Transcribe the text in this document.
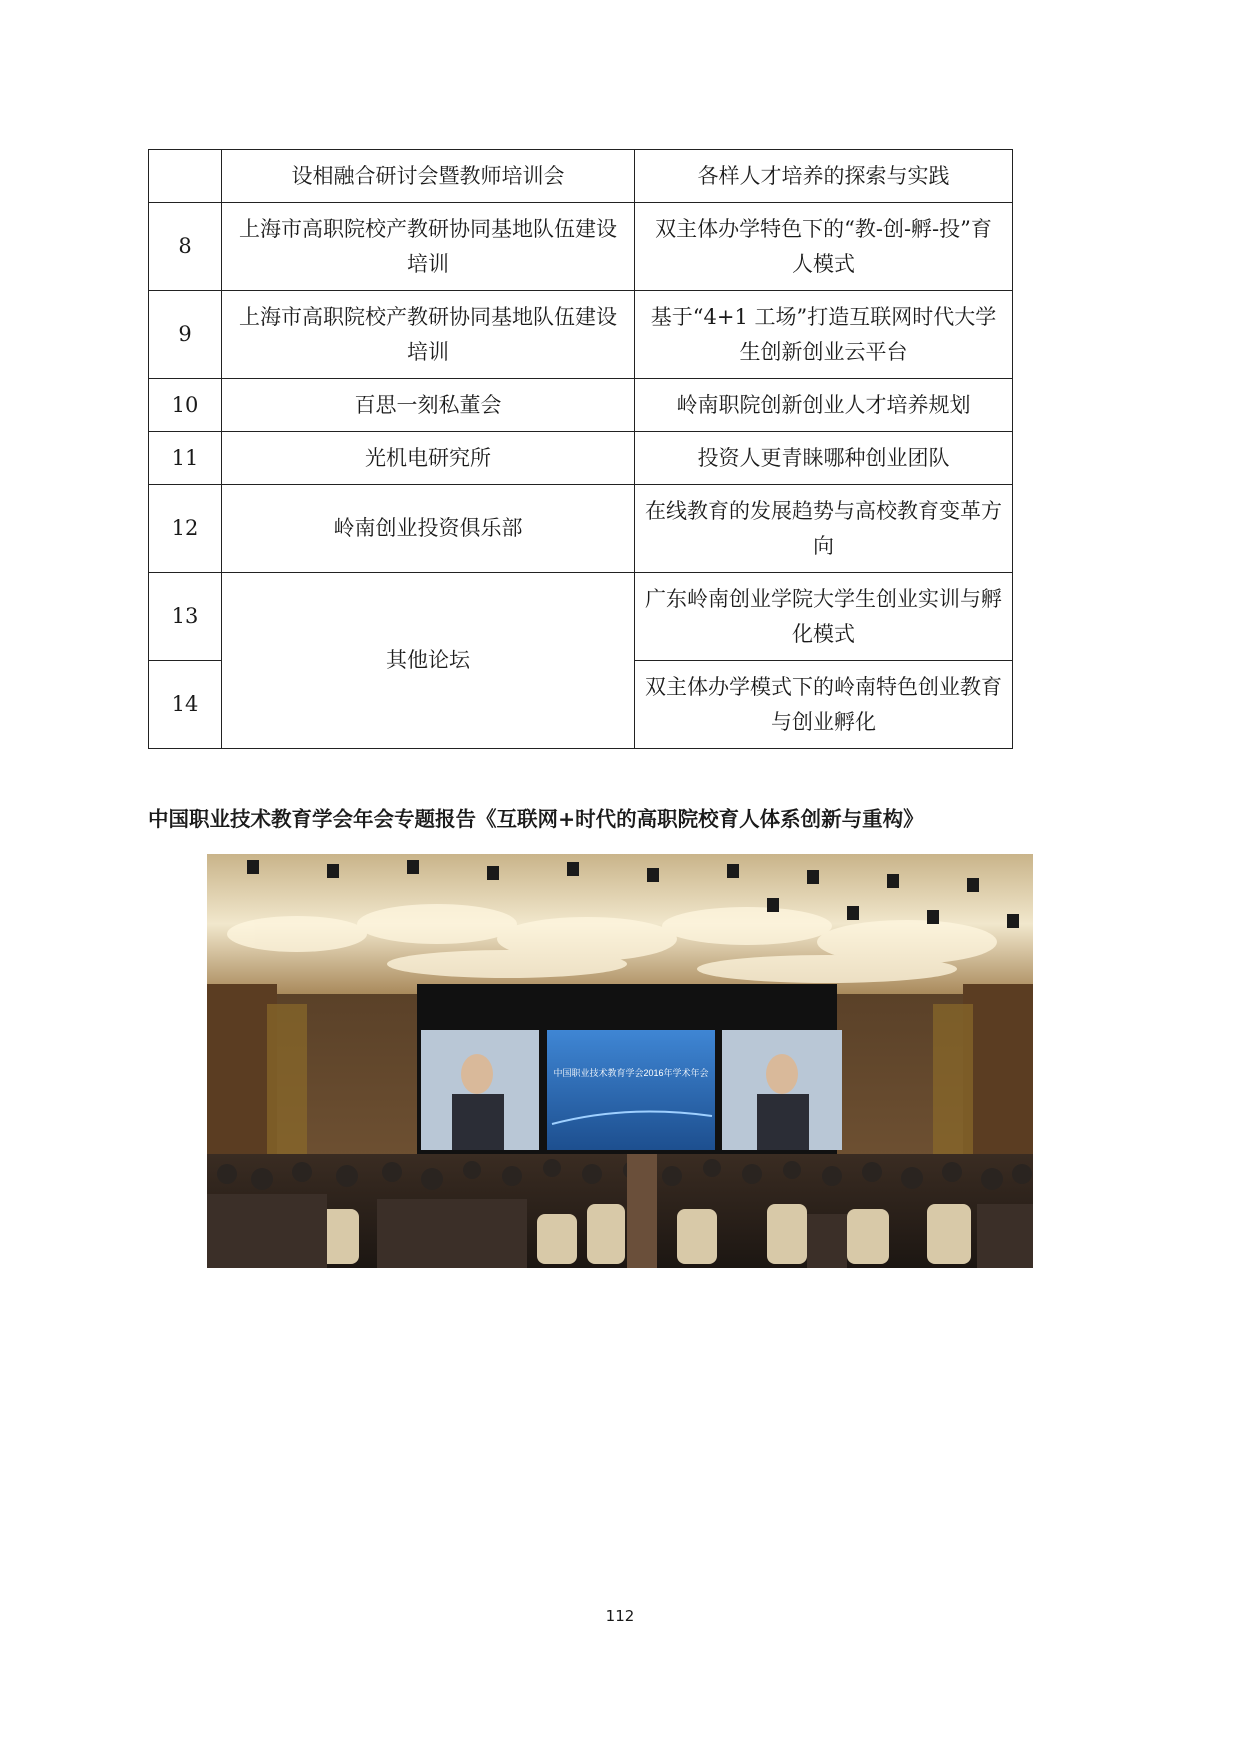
	设相融合研讨会暨教师培训会	各样人才培养的探索与实践
8	上海市高职院校产教研协同基地队伍建设培训	双主体办学特色下的“教-创-孵-投”育人模式
9	上海市高职院校产教研协同基地队伍建设培训	基于“4+1 工场”打造互联网时代大学生创新创业云平台
10	百思一刻私董会	岭南职院创新创业人才培养规划
11	光机电研究所	投资人更青睐哪种创业团队
12	岭南创业投资俱乐部	在线教育的发展趋势与高校教育变革方向
13	其他论坛	广东岭南创业学院大学生创业实训与孵化模式
14		双主体办学模式下的岭南特色创业教育与创业孵化
中国职业技术教育学会年会专题报告《互联网+时代的高职院校育人体系创新与重构》
中国职业技术教育学会2016年学术年会
112
